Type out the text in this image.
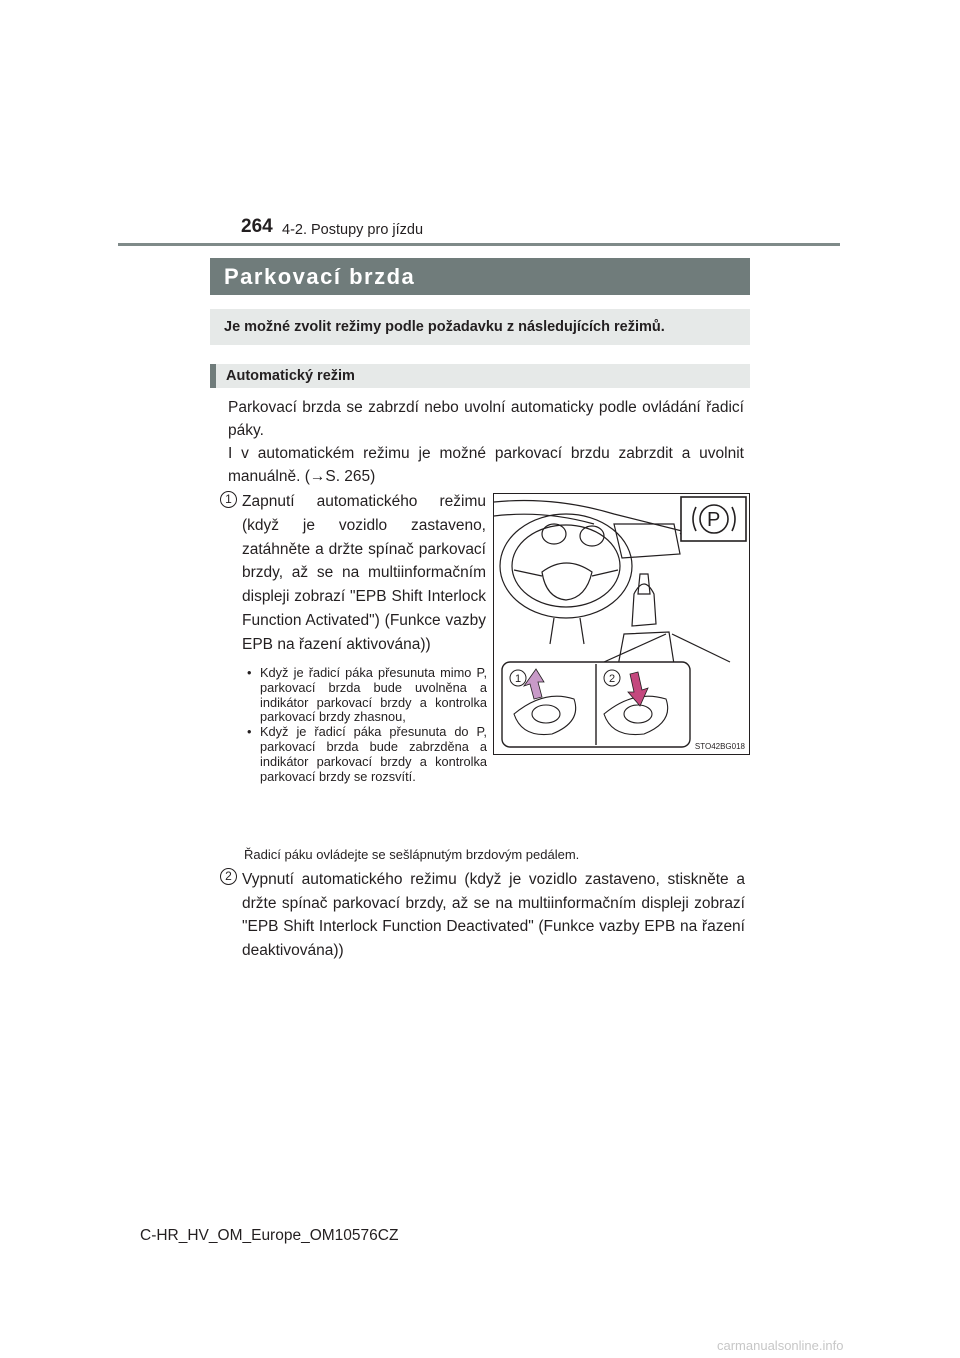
264 4-2. Postupy pro jízdu
Parkovací brzda
Je možné zvolit režimy podle požadavku z následujících režimů.
Automatický režim

Parkovací brzda se zabrzdí nebo uvolní automaticky podle ovládání řadicí páky.

I v automatickém režimu je možné parkovací brzdu zabrzdit a uvolnit manuálně. (→S. 265)

1 Zapnutí automatického režimu (když je vozidlo zastaveno, zatáhněte a držte spínač parkovací brzdy, až se na multiinformačním displeji zobrazí "EPB Shift Interlock Function Activated") (Funkce vazby EPB na řazení aktivována))
• Když je řadicí páka přesunuta mimo P, parkovací brzda bude uvolněna a indikátor parkovací brzdy a kontrolka parkovací brzdy zhasnou,
• Když je řadicí páka přesunuta do P, parkovací brzda bude zabrzděna a indikátor parkovací brzdy a kontrolka parkovací brzdy se rozsvítí.
Řadicí páku ovládejte se sešlápnutým brzdovým pedálem.
2 Vypnutí automatického režimu (když je vozidlo zastaveno, stiskněte a držte spínač parkovací brzdy, až se na multiinformačním displeji zobrazí "EPB Shift Interlock Function Deactivated" (Funkce vazby EPB na řazení deaktivována))
P
1	2
STO42BG018
C-HR_HV_OM_Europe_OM10576CZ
carmanualsonline.info
